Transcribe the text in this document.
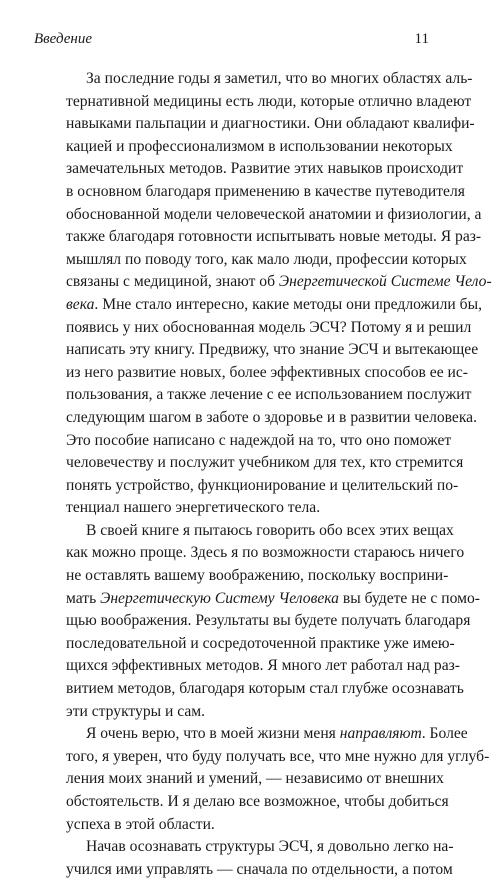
Введение	11
За последние годы я заметил, что во многих областях аль-
тернативной медицины есть люди, которые отлично владеют
навыками пальпации и диагностики. Они обладают квалифи-
кацией и профессионализмом в использовании некоторых
замечательных методов. Развитие этих навыков происходит
в основном благодаря применению в качестве путеводителя
обоснованной модели человеческой анатомии и физиологии, а
также благодаря готовности испытывать новые методы. Я раз-
мышлял по поводу того, как мало люди, профессии которых
связаны с медициной, знают об Энергетической Системе Чело-
века. Мне стало интересно, какие методы они предложили бы,
появись у них обоснованная модель ЭСЧ? Потому я и решил
написать эту книгу. Предвижу, что знание ЭСЧ и вытекающее
из него развитие новых, более эффективных способов ее ис-
пользования, а также лечение с ее использованием послужит
следующим шагом в заботе о здоровье и в развитии человека.
Это пособие написано с надеждой на то, что оно поможет
человечеству и послужит учебником для тех, кто стремится
понять устройство, функционирование и целительский по-
тенциал нашего энергетического тела.
В своей книге я пытаюсь говорить обо всех этих вещах
как можно проще. Здесь я по возможности стараюсь ничего
не оставлять вашему воображению, поскольку восприни-
мать Энергетическую Систему Человека вы будете не с помо-
щью воображения. Результаты вы будете получать благодаря
последовательной и сосредоточенной практике уже имею-
щихся эффективных методов. Я много лет работал над раз-
витием методов, благодаря которым стал глубже осознавать
эти структуры и сам.
Я очень верю, что в моей жизни меня направляют. Более
того, я уверен, что буду получать все, что мне нужно для углуб-
ления моих знаний и умений, — независимо от внешних
обстоятельств. И я делаю все возможное, чтобы добиться
успеха в этой области.
Начав осознавать структуры ЭСЧ, я довольно легко на-
учился ими управлять — сначала по отдельности, а потом
